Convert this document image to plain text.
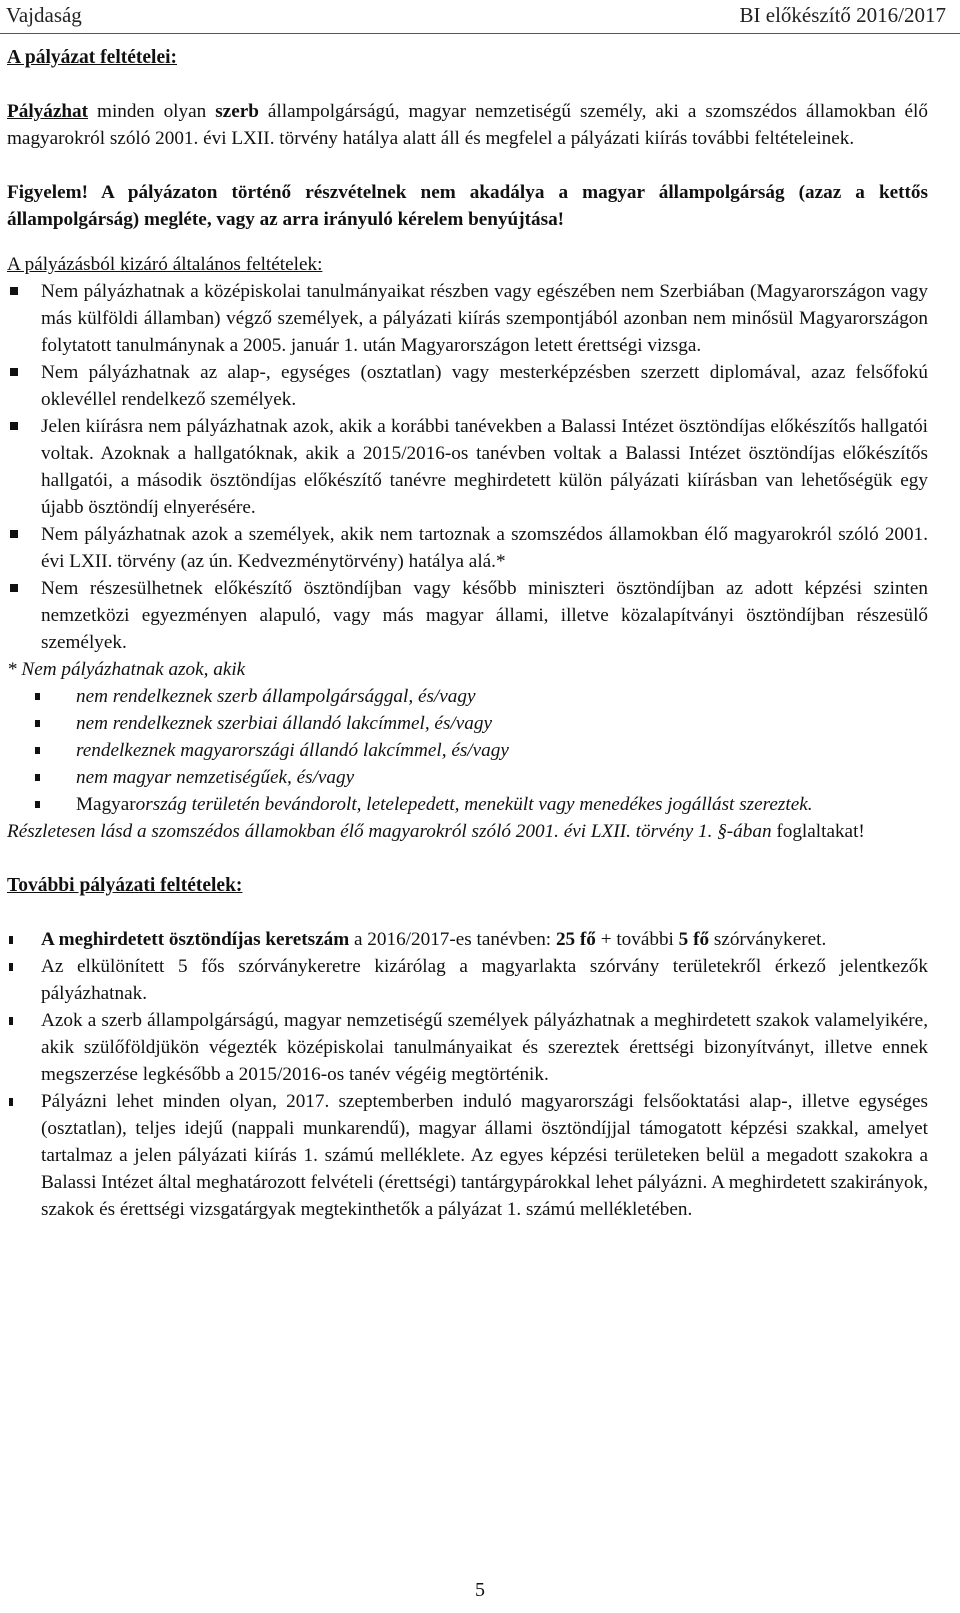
Vajdaság	BI előkészítő 2016/2017

A pályázat feltételei:

Pályázhat minden olyan szerb állampolgárságú, magyar nemzetiségű személy, aki a szomszédos államokban élő magyarokról szóló 2001. évi LXII. törvény hatálya alatt áll és megfelel a pályázati kiírás további feltételeinek.

Figyelem! A pályázaton történő részvételnek nem akadálya a magyar állampolgárság (azaz a kettős állampolgárság) megléte, vagy az arra irányuló kérelem benyújtása!

A pályázásból kizáró általános feltételek:

Nem pályázhatnak a középiskolai tanulmányaikat részben vagy egészében nem Szerbiában (Magyarországon vagy más külföldi államban) végző személyek, a pályázati kiírás szempontjából azonban nem minősül Magyarországon folytatott tanulmánynak a 2005. január 1. után Magyarországon letett érettségi vizsga.
Nem pályázhatnak az alap-, egységes (osztatlan) vagy mesterképzésben szerzett diplomával, azaz felsőfokú oklevéllel rendelkező személyek.
Jelen kiírásra nem pályázhatnak azok, akik a korábbi tanévekben a Balassi Intézet ösztöndíjas előkészítős hallgatói voltak. Azoknak a hallgatóknak, akik a 2015/2016-os tanévben voltak a Balassi Intézet ösztöndíjas előkészítős hallgatói, a második ösztöndíjas előkészítő tanévre meghirdetett külön pályázati kiírásban van lehetőségük egy újabb ösztöndíj elnyerésére.
Nem pályázhatnak azok a személyek, akik nem tartoznak a szomszédos államokban élő magyarokról szóló 2001. évi LXII. törvény (az ún. Kedvezménytörvény) hatálya alá.*
Nem részesülhetnek előkészítő ösztöndíjban vagy később miniszteri ösztöndíjban az adott képzési szinten nemzetközi egyezményen alapuló, vagy más magyar állami, illetve közalapítványi ösztöndíjban részesülő személyek.

* Nem pályázhatnak azok, akik

nem rendelkeznek szerb állampolgársággal, és/vagy
nem rendelkeznek szerbiai állandó lakcímmel, és/vagy
rendelkeznek magyarországi állandó lakcímmel, és/vagy
nem magyar nemzetiségűek, és/vagy
Magyarország területén bevándorolt, letelepedett, menekült vagy menedékes jogállást szereztek.

Részletesen lásd a szomszédos államokban élő magyarokról szóló 2001. évi LXII. törvény 1. §-ában foglaltakat!

További pályázati feltételek:

A meghirdetett ösztöndíjas keretszám a 2016/2017-es tanévben: 25 fő + további 5 fő szórványkeret.
Az elkülönített 5 fős szórványkeretre kizárólag a magyarlakta szórvány területekről érkező jelentkezők pályázhatnak.
Azok a szerb állampolgárságú, magyar nemzetiségű személyek pályázhatnak a meghirdetett szakok valamelyikére, akik szülőföldjükön végezték középiskolai tanulmányaikat és szereztek érettségi bizonyítványt, illetve ennek megszerzése legkésőbb a 2015/2016-os tanév végéig megtörténik.
Pályázni lehet minden olyan, 2017. szeptemberben induló magyarországi felsőoktatási alap-, illetve egységes (osztatlan), teljes idejű (nappali munkarendű), magyar állami ösztöndíjjal támogatott képzési szakkal, amelyet tartalmaz a jelen pályázati kiírás 1. számú melléklete. Az egyes képzési területeken belül a megadott szakokra a Balassi Intézet által meghatározott felvételi (érettségi) tantárgypárokkal lehet pályázni. A meghirdetett szakirányok, szakok és érettségi vizsgatárgyak megtekinthetők a pályázat 1. számú mellékletében.
5
